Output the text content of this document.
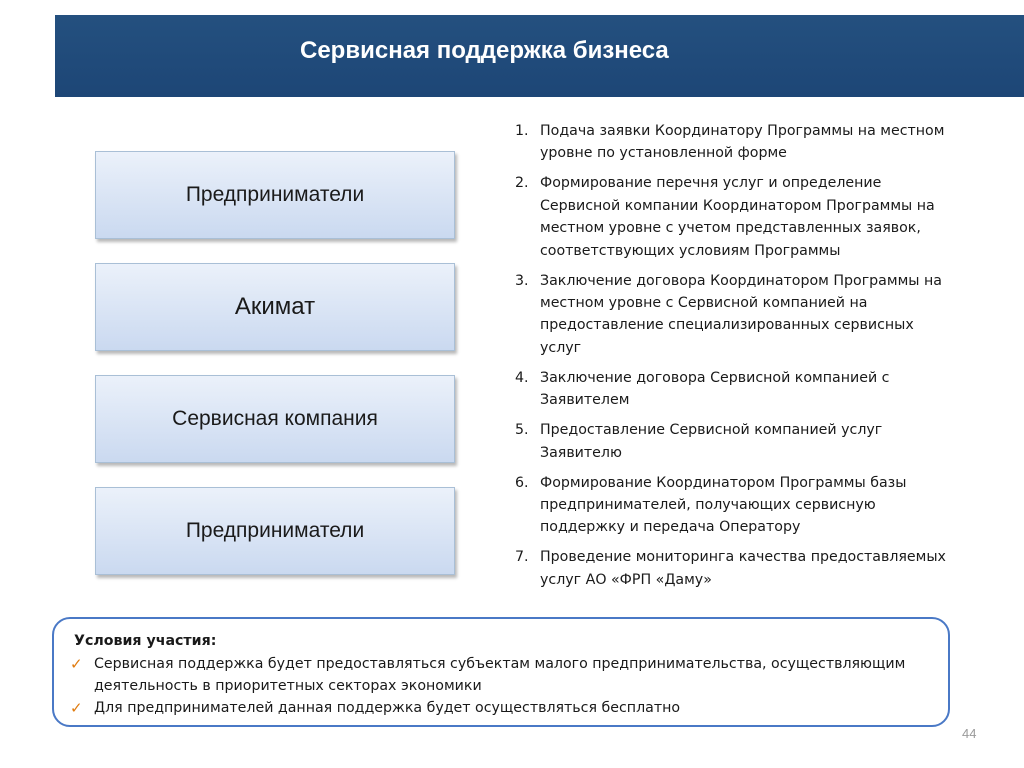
Сервисная поддержка бизнеса
Предприниматели
Акимат
Сервисная компания
Предприниматели
1. Подача заявки Координатору Программы на местном уровне по установленной форме
2. Формирование перечня услуг и определение Сервисной компании Координатором Программы на местном уровне с учетом представленных заявок, соответствующих условиям Программы
3. Заключение договора Координатором Программы на местном уровне с Сервисной компанией на предоставление специализированных сервисных услуг
4. Заключение договора Сервисной компанией с Заявителем
5. Предоставление Сервисной компанией услуг Заявителю
6. Формирование Координатором Программы базы предпринимателей, получающих сервисную поддержку и передача Оператору
7. Проведение мониторинга качества предоставляемых услуг АО «ФРП «Даму»
Условия участия:
✓ Сервисная поддержка будет предоставляться субъектам малого предпринимательства, осуществляющим деятельность в приоритетных секторах экономики
✓ Для предпринимателей данная поддержка будет осуществляться бесплатно
44
